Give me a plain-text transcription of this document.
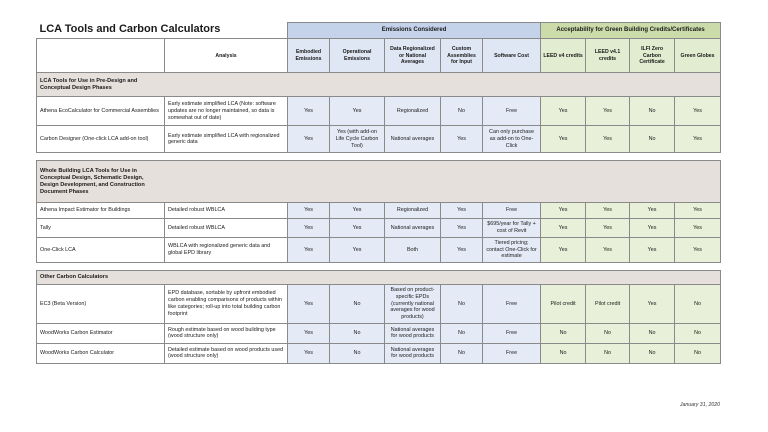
LCA Tools and Carbon Calculators		Emissions Considered					Acceptability for Green Building Credits/Certificates			
	Analysis	Embodied Emissions	Operational Emissions	Data Regionalized or National Averages	Custom Assemblies for Input	Software Cost	LEED v4 credits	LEED v4.1 credits	ILFI Zero Carbon Certificate	Green Globes

LCA Tools for Use in Pre-Design and Conceptual Design Phases										

Athena EcoCalculator for Commercial Assemblies	Early estimate simplified LCA (Note: software updates are no longer maintained, so data is somewhat out of date)	Yes	Yes	Regionalized	No	Free	Yes	Yes	No	Yes
Carbon Designer (One-click LCA add-on tool)	Early estimate simplified LCA with regionalized generic data	Yes	Yes (with add-on Life Cycle Carbon Tool)	National averages	Yes	Can only purchase as add-on to One-Click	Yes	Yes	No	Yes

Whole Building LCA Tools for Use in Conceptual Design, Schematic Design, Design Development, and Construction Document Phases										

Athena Impact Estimator for Buildings	Detailed robust WBLCA	Yes	Yes	Regionalized	Yes	Free	Yes	Yes	Yes	Yes
Tally	Detailed robust WBLCA	Yes	Yes	National averages	Yes	$695/year for Tally + cost of Revit	Yes	Yes	Yes	Yes
One-Click LCA	WBLCA with regionalized generic data and global EPD library	Yes	Yes	Both	Yes	Tiered pricing; contact One-Click for estimate	Yes	Yes	Yes	Yes

Other Carbon Calculators										

EC3 (Beta Version)	EPD database, sortable by upfront embodied carbon enabling comparisons of products within like categories; roll-up into total building carbon footprint	Yes	No	Based on product-specific EPDs (currently national averages for wood products)	No	Free	Pilot credit	Pilot credit	Yes	No
WoodWorks Carbon Estimator	Rough estimate based on wood building type (wood structure only)	Yes	No	National averages for wood products	No	Free	No	No	No	No
WoodWorks Carbon Calculator	Detailed estimate based on wood products used (wood structure only)	Yes	No	National averages for wood products	No	Free	No	No	No	No
January 31, 2020
